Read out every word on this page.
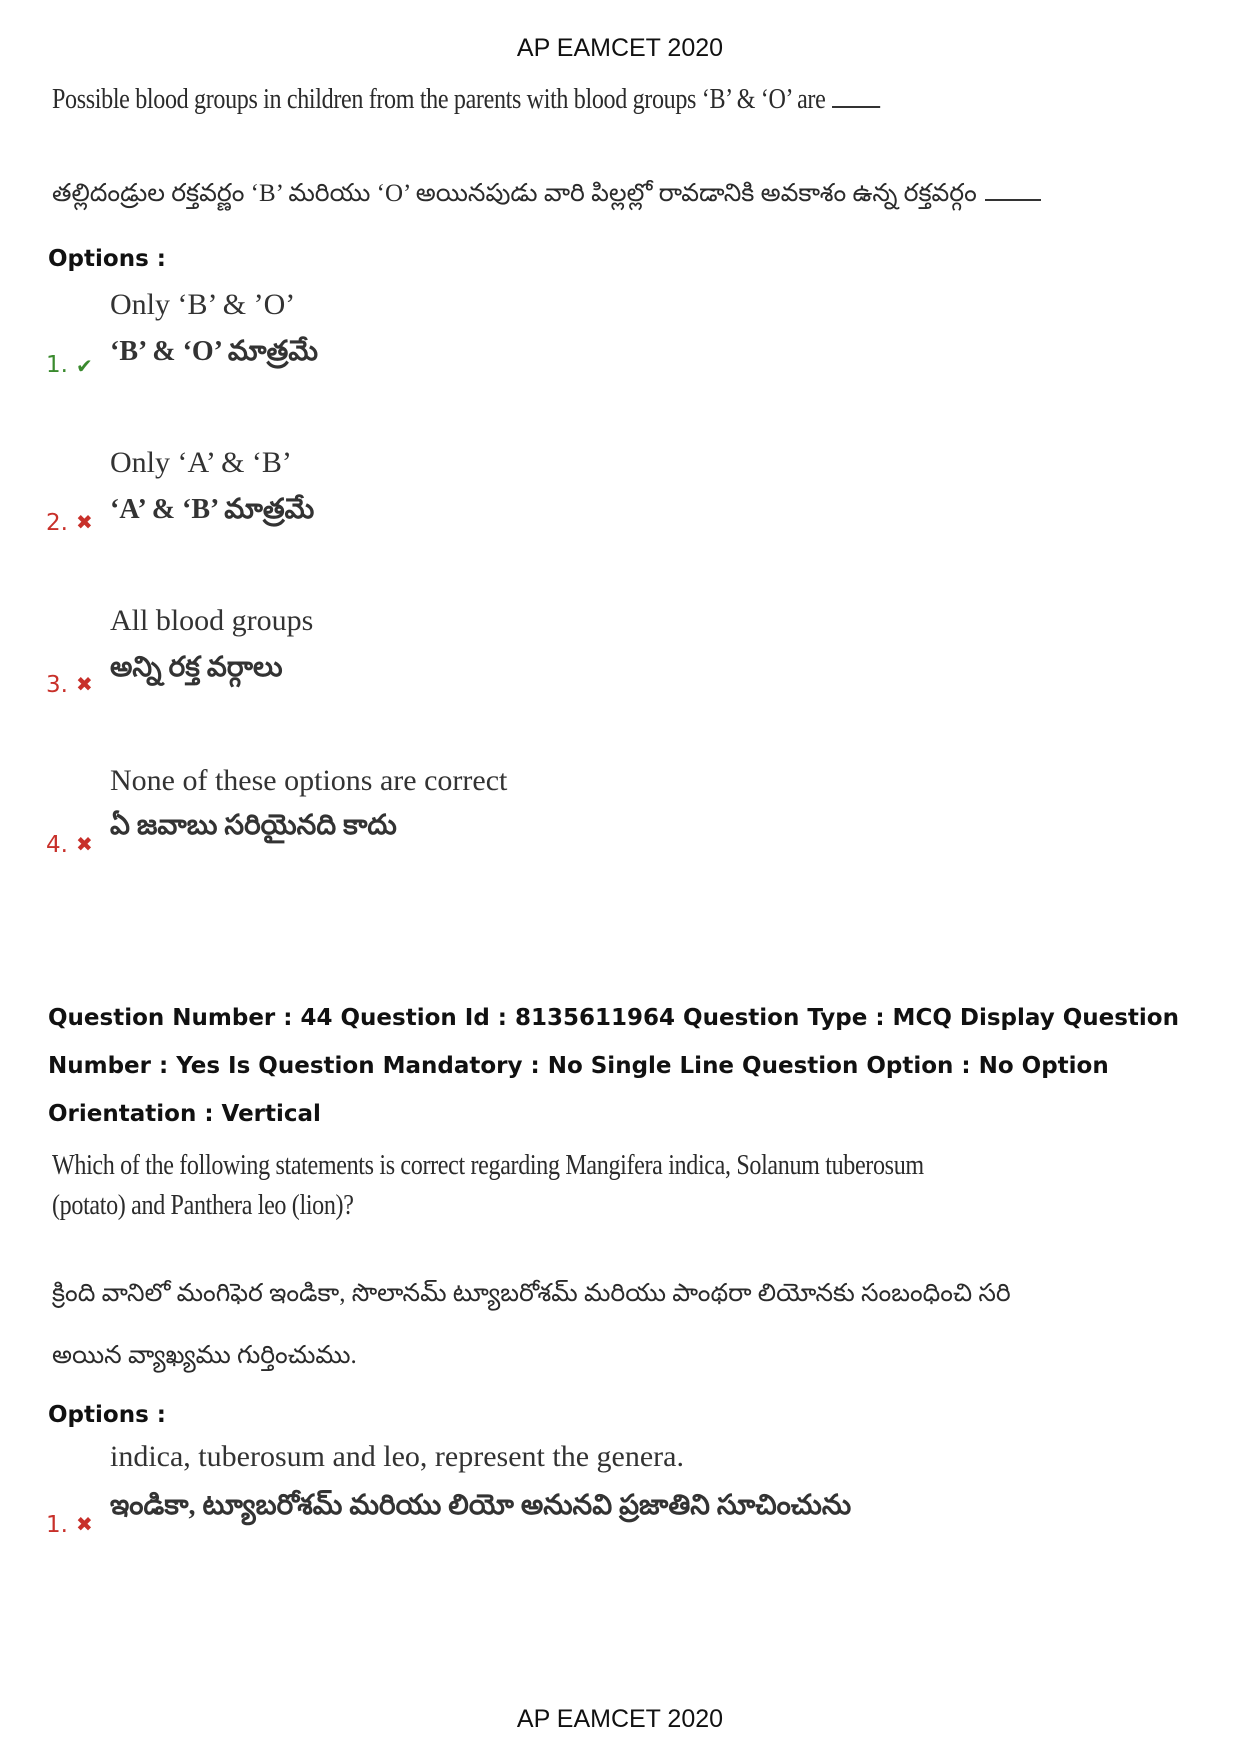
AP EAMCET 2020
Possible blood groups in children from the parents with blood groups ‘B’ & ‘O’ are
తల్లిదండ్రుల రక్తవర్ణం ‘B’ మరియు ‘O’ అయినపుడు వారి పిల్లల్లో రావడానికి అవకాశం ఉన్న రక్తవర్గం
Options :
Only ‘B’ & ’O’
‘B’ & ‘O’ మాత్రమే
1. ✔
Only ‘A’ & ‘B’
‘A’ & ‘B’ మాత్రమే
2. ✖
All blood groups
అన్ని రక్త వర్గాలు
3. ✖
None of these options are correct
ఏ జవాబు సరియైనది కాదు
4. ✖
Question Number : 44 Question Id : 8135611964 Question Type : MCQ Display Question Number : Yes Is Question Mandatory : No Single Line Question Option : No Option Orientation : Vertical
Which of the following statements is correct regarding Mangifera indica, Solanum tuberosum
(potato) and Panthera leo (lion)?
క్రింది వానిలో మంగిఫెర ఇండికా, సొలానమ్ ట్యూబరోశమ్ మరియు పాంథరా లియోనకు సంబంధించి సరి
అయిన వ్యాఖ్యము గుర్తించుము.
Options :
indica, tuberosum and leo, represent the genera.
ఇండికా, ట్యూబరోశమ్ మరియు లియో అనునవి ప్రజాతిని సూచించును
1. ✖
AP EAMCET 2020
